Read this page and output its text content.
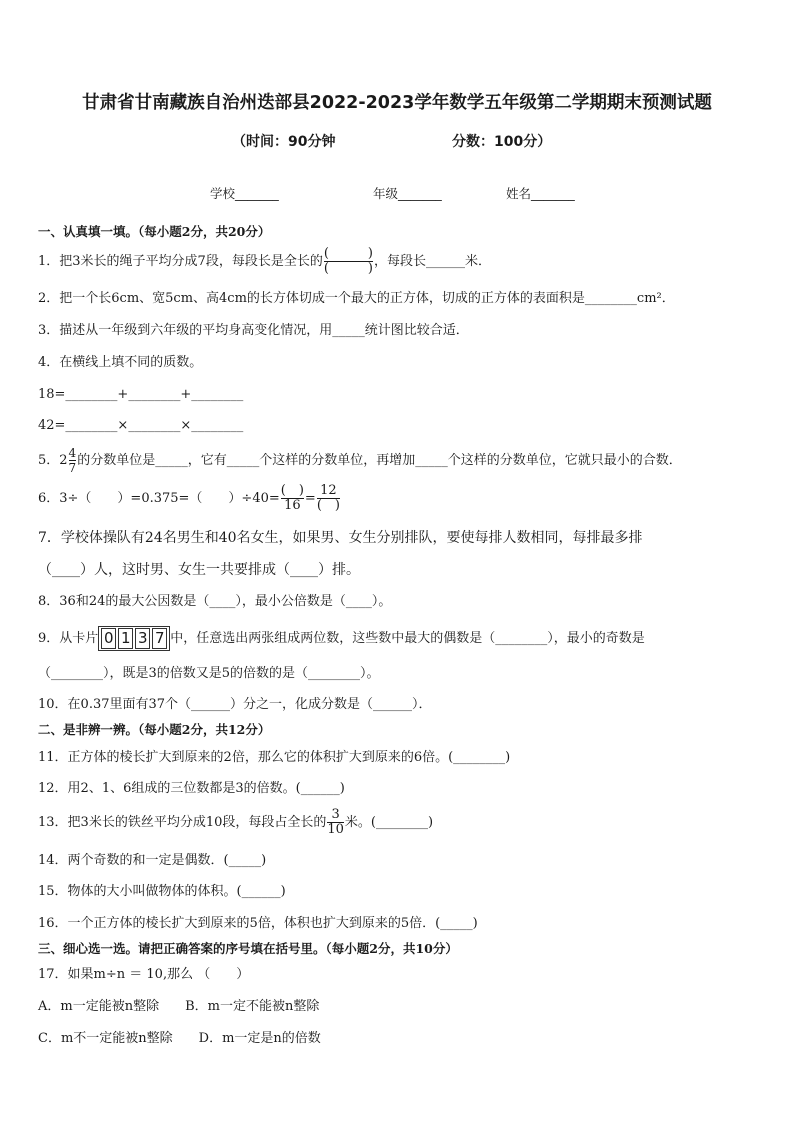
甘肃省甘南藏族自治州迭部县2022-2023学年数学五年级第二学期期末预测试题
（时间：90分钟	分数：100分）
学校_______	年级_______	姓名_______
一、认真填一填。（每小题2分，共20分）
1．把3米长的绳子平均分成7段，每段长是全长的 $\frac{( )}{( )}$ ，每段长______米．
2．把一个长6cm、宽5cm、高4cm的长方体切成一个最大的正方体，切成的正方体的表面积是________cm²．
3．描述从一年级到六年级的平均身高变化情况，用_____统计图比较合适．
4．在横线上填不同的质数。
18=________+________+________
42=________×________×________
5．$2 \frac{4}{7}$ 的分数单位是_____，它有_____个这样的分数单位，再增加_____个这样的分数单位，它就只最小的合数．
6．3÷（　　）=0.375=（　　）$\div 40= \frac{( )}{16} = \frac{12}{( )}$
7．学校体操队有24名男生和40名女生，如果男、女生分别排队，要使每排人数相同，每排最多排
（____）人，这时男、女生一共要排成（____）排。
8．36和24的最大公因数是（____），最小公倍数是（____）。
9．从卡片 0 1 3 7 中，任意选出两张组成两位数，这些数中最大的偶数是（________），最小的奇数是
（________），既是3的倍数又是5的倍数的是（________）。
10．在0.37里面有37个（______）分之一，化成分数是（______）．
二、是非辨一辨。（每小题2分，共12分）
11．正方体的棱长扩大到原来的2倍，那么它的体积扩大到原来的6倍。(________)
12．用2、1、6组成的三位数都是3的倍数。(______)
13．把3米长的铁丝平均分成10段，每段占全长的 $\frac{3}{10}$ 米。(________)
14．两个奇数的和一定是偶数．(_____)
15．物体的大小叫做物体的体积。(______)
16．一个正方体的棱长扩大到原来的5倍，体积也扩大到原来的5倍．(_____)
三、细心选一选。请把正确答案的序号填在括号里。（每小题2分，共10分）
17．如果m÷n ＝ 10,那么 （　　）
A．m一定能被n整除　　B．m一定不能被n整除
C．m不一定能被n整除　　D．m一定是n的倍数
